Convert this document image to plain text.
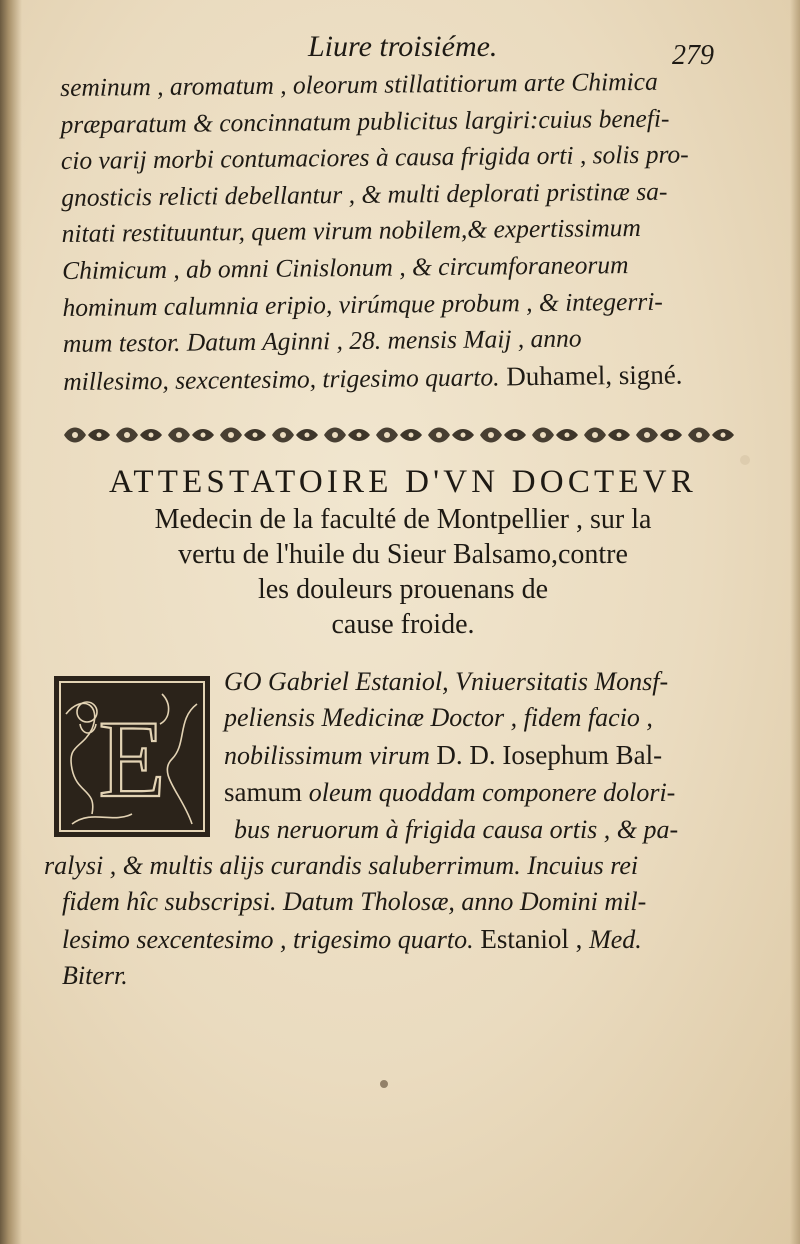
Liure troisiéme.	279
seminum , aromatum , oleorum stillatitiorum arte Chimica
præparatum & concinnatum publicitus largiri:cuius benefi-
cio varij morbi contumaciores à causa frigida orti , solis pro-
gnosticis relicti debellantur , & multi deplorati pristinæ sa-
nitati restituuntur, quem virum nobilem,& expertissimum
Chimicum , ab omni Cinislonum , & circumforaneorum
hominum calumnia eripio, virúmque probum , & integerri-
mum testor. Datum Aginni , 28. mensis Maij , anno
millesimo, sexcentesimo, trigesimo quarto. Duhamel, signé.
ATTESTATOIRE D'VN DOCTEVR
Medecin de la faculté de Montpellier , sur la
vertu de l'huile du Sieur Balsamo,contre
les douleurs prouenans de
cause froide.
E
GO Gabriel Estaniol, Vniuersitatis Monsf-
peliensis Medicinæ Doctor , fidem facio ,
nobilissimum virum D. D. Iosephum Bal-
samum oleum quoddam componere dolori-
bus neruorum à frigida causa ortis , & pa-
ralysi , & multis alijs curandis saluberrimum. Incuius rei
fidem hîc subscripsi. Datum Tholosæ, anno Domini mil-
lesimo sexcentesimo , trigesimo quarto. Estaniol , Med.
Biterr.
